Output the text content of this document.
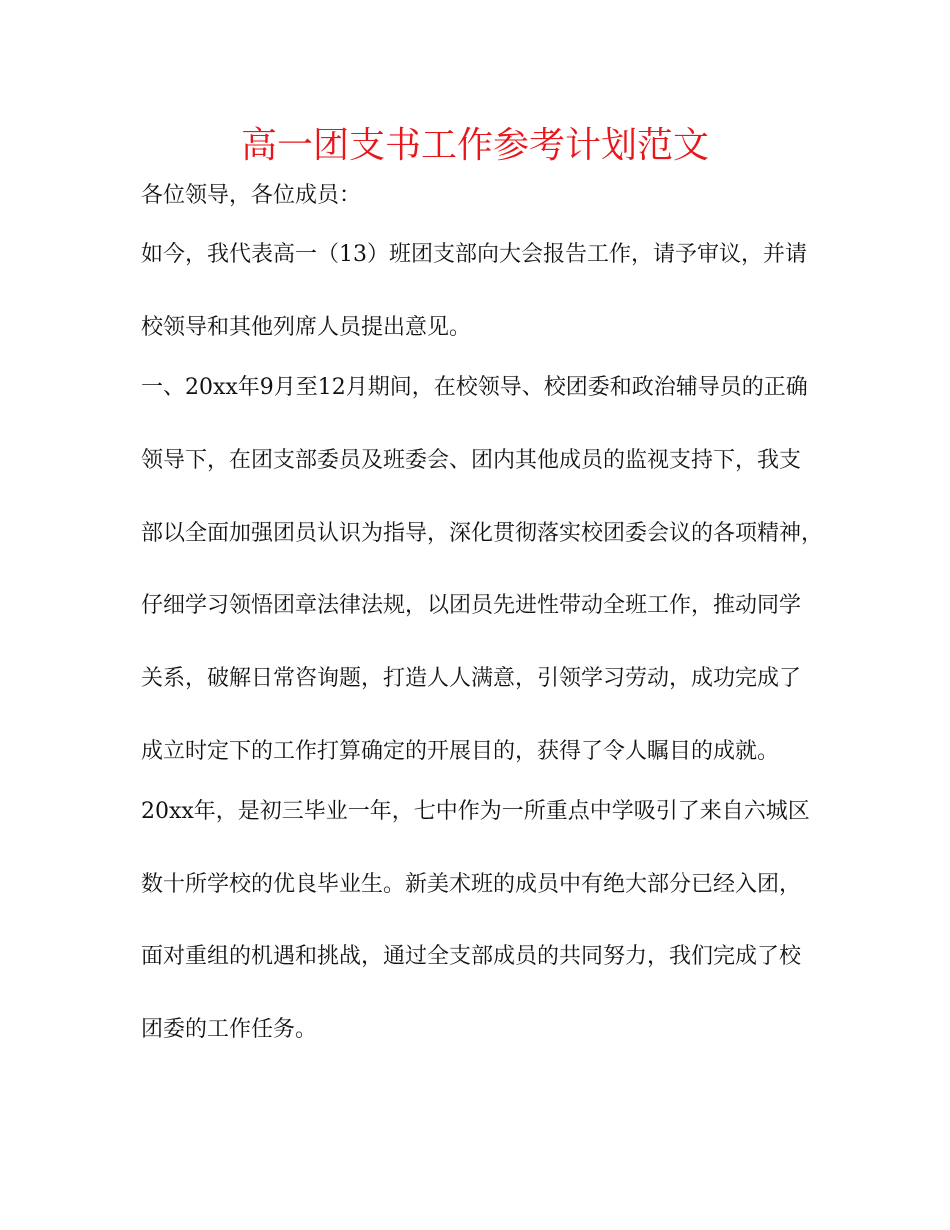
高一团支书工作参考计划范文
各位领导，各位成员：
如今，我代表高一（13）班团支部向大会报告工作，请予审议，并请
校领导和其他列席人员提出意见。
一、20xx年9月至12月期间，在校领导、校团委和政治辅导员的正确
领导下，在团支部委员及班委会、团内其他成员的监视支持下，我支
部以全面加强团员认识为指导，深化贯彻落实校团委会议的各项精神，
仔细学习领悟团章法律法规，以团员先进性带动全班工作，推动同学
关系，破解日常咨询题，打造人人满意，引领学习劳动，成功完成了
成立时定下的工作打算确定的开展目的，获得了令人瞩目的成就。
20xx年，是初三毕业一年，七中作为一所重点中学吸引了来自六城区
数十所学校的优良毕业生。新美术班的成员中有绝大部分已经入团，
面对重组的机遇和挑战，通过全支部成员的共同努力，我们完成了校
团委的工作任务。
